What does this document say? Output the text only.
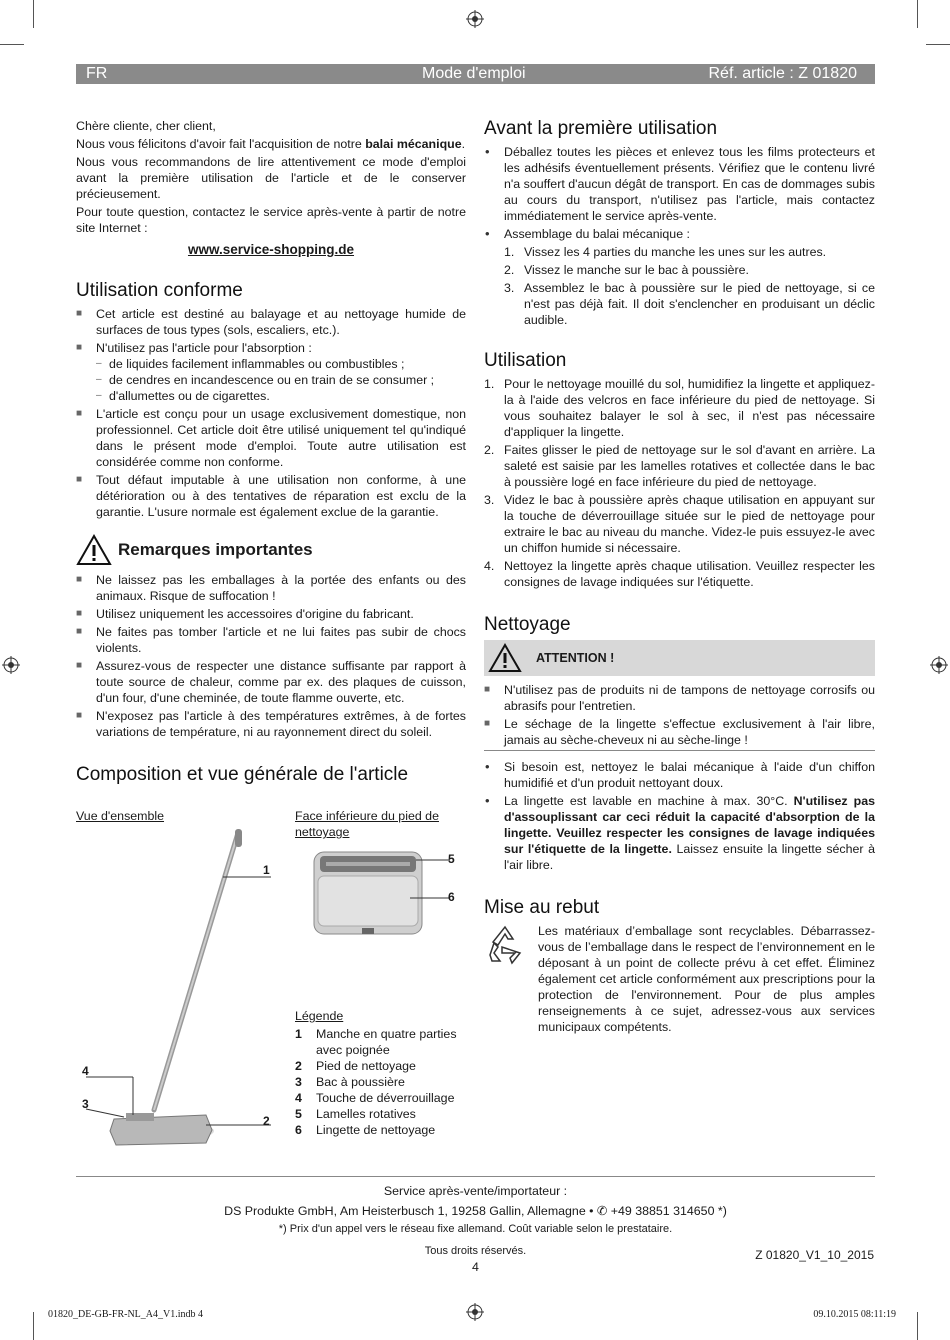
FR	Mode d'emploi	Réf. article : Z 01820

Chère cliente, cher client,

Nous vous félicitons d'avoir fait l'acquisition de notre balai mécanique.

Nous vous recommandons de lire attentivement ce mode d'emploi avant la première utilisation de l'article et de le conserver précieusement.

Pour toute question, contactez le service après-vente à partir de notre site Internet :

www.service-shopping.de
Utilisation conforme
■ Cet article est destiné au balayage et au nettoyage humide de surfaces de tous types (sols, escaliers, etc.).
■ N'utilisez pas l'article pour l'absorption :
– de liquides facilement inflammables ou combustibles ;
– de cendres en incandescence ou en train de se consumer ;
– d'allumettes ou de cigarettes.
■ L'article est conçu pour un usage exclusivement domestique, non professionnel. Cet article doit être utilisé uniquement tel qu'indiqué dans le présent mode d'emploi. Toute autre utilisation est considérée comme non conforme.
■ Tout défaut imputable à une utilisation non conforme, à une détérioration ou à des tentatives de réparation est exclu de la garantie. L'usure normale est également exclue de la garantie.
Remarques importantes
■ Ne laissez pas les emballages à la portée des enfants ou des animaux. Risque de suffocation !
■ Utilisez uniquement les accessoires d'origine du fabricant.
■ Ne faites pas tomber l'article et ne lui faites pas subir de chocs violents.
■ Assurez-vous de respecter une distance suffisante par rapport à toute source de chaleur, comme par ex. des plaques de cuisson, d'un four, d'une cheminée, de toute flamme ouverte, etc.
■ N'exposez pas l'article à des températures extrêmes, à de fortes variations de température, ni au rayonnement direct du soleil.
Composition et vue générale de l'article
Vue d'ensemble	Face inférieure du pied de nettoyage
1
2
3
4
5
6
Légende
1	Manche en quatre parties avec poignée
2	Pied de nettoyage
3	Bac à poussière
4	Touche de déverrouillage
5	Lamelles rotatives
6	Lingette de nettoyage
Avant la première utilisation
• Déballez toutes les pièces et enlevez tous les films protecteurs et les adhésifs éventuellement présents. Vérifiez que le contenu livré n'a souffert d'aucun dégât de transport. En cas de dommages subis au cours du transport, n'utilisez pas l'article, mais contactez immédiatement le service après-vente.
• Assemblage du balai mécanique :
1. Vissez les 4 parties du manche les unes sur les autres.
2. Vissez le manche sur le bac à poussière.
3. Assemblez le bac à poussière sur le pied de nettoyage, si ce n'est pas déjà fait. Il doit s'enclencher en produisant un déclic audible.
Utilisation
1. Pour le nettoyage mouillé du sol, humidifiez la lingette et appliquez-la à l'aide des velcros en face inférieure du pied de nettoyage. Si vous souhaitez balayer le sol à sec, il n'est pas nécessaire d'appliquer la lingette.
2. Faites glisser le pied de nettoyage sur le sol d'avant en arrière. La saleté est saisie par les lamelles rotatives et collectée dans le bac à poussière logé en face inférieure du pied de nettoyage.
3. Videz le bac à poussière après chaque utilisation en appuyant sur la touche de déverrouillage située sur le pied de nettoyage pour extraire le bac au niveau du manche. Videz-le puis essuyez-le avec un chiffon humide si nécessaire.
4. Nettoyez la lingette après chaque utilisation. Veuillez respecter les consignes de lavage indiquées sur l'étiquette.
Nettoyage
ATTENTION !
■ N'utilisez pas de produits ni de tampons de nettoyage corrosifs ou abrasifs pour l'entretien.
■ Le séchage de la lingette s'effectue exclusivement à l'air libre, jamais au sèche-cheveux ni au sèche-linge !
• Si besoin est, nettoyez le balai mécanique à l'aide d'un chiffon humidifié et d'un produit nettoyant doux.
• La lingette est lavable en machine à max. 30°C. N'utilisez pas d'assouplissant car ceci réduit la capacité d'absorption de la lingette. Veuillez respecter les consignes de lavage indiquées sur l'étiquette de la lingette. Laissez ensuite la lingette sécher à l'air libre.
Mise au rebut

Les matériaux d’emballage sont recyclables. Débarrassez-vous de l’emballage dans le respect de l’environnement en le déposant à un point de collecte prévu à cet effet. Éliminez également cet article conformément aux prescriptions pour la protection de l'environnement. Pour de plus amples renseignements à ce sujet, adressez-vous aux services municipaux compétents.

Service après-vente/importateur :
DS Produkte GmbH, Am Heisterbusch 1, 19258 Gallin, Allemagne • ✆ +49 38851 314650 *)
*) Prix d'un appel vers le réseau fixe allemand. Coût variable selon le prestataire.
Tous droits réservés.
4
Z 01820_V1_10_2015
01820_DE-GB-FR-NL_A4_V1.indb 4	09.10.2015 08:11:19
